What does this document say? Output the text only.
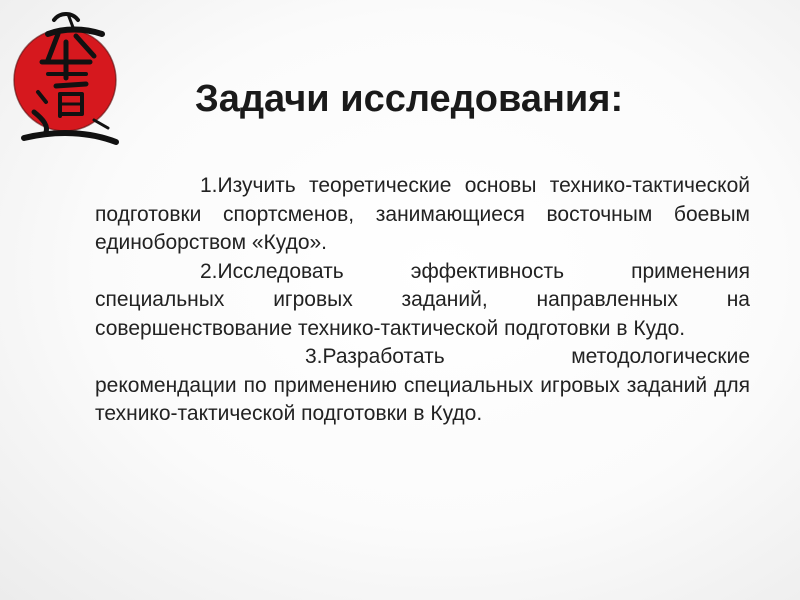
Задачи исследования:

1.Изучить теоретические основы технико-тактической подготовки спортсменов, занимающиеся восточным боевым единоборством «Кудо».

2.Исследовать эффективность применения специальных игровых заданий, направленных на совершенствование технико-тактической подготовки в Кудо.

3.Разработать методологические рекомендации по применению специальных игровых заданий для технико-тактической подготовки в Кудо.
